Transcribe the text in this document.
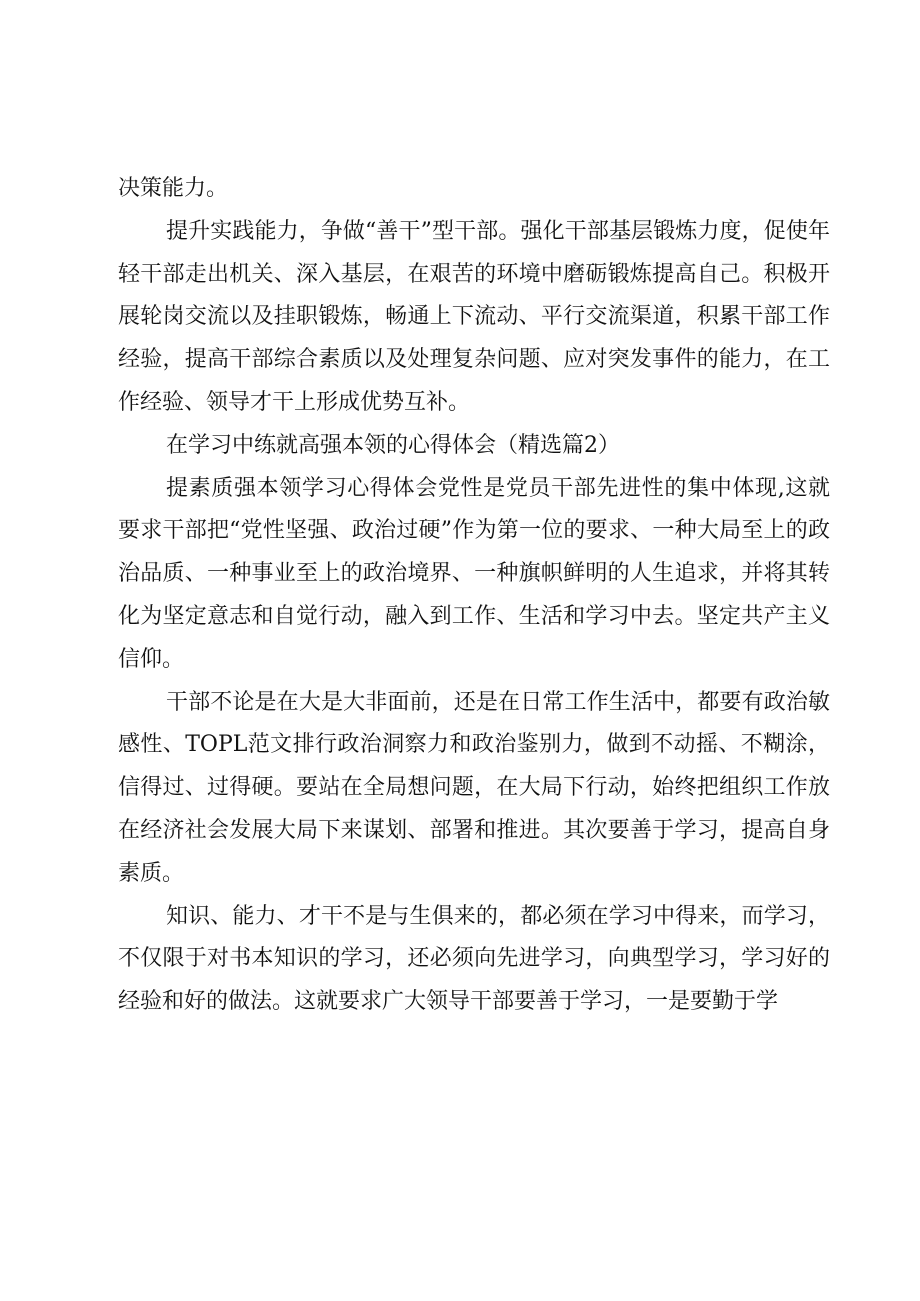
决策能力。

提升实践能力，争做“善干”型干部。强化干部基层锻炼力度，促使年轻干部走出机关、深入基层，在艰苦的环境中磨砺锻炼提高自己。积极开展轮岗交流以及挂职锻炼，畅通上下流动、平行交流渠道，积累干部工作经验，提高干部综合素质以及处理复杂问题、应对突发事件的能力，在工作经验、领导才干上形成优势互补。

在学习中练就高强本领的心得体会（精选篇2）

提素质强本领学习心得体会党性是党员干部先进性的集中体现,这就要求干部把“党性坚强、政治过硬”作为第一位的要求、一种大局至上的政治品质、一种事业至上的政治境界、一种旗帜鲜明的人生追求，并将其转化为坚定意志和自觉行动，融入到工作、生活和学习中去。坚定共产主义信仰。

干部不论是在大是大非面前，还是在日常工作生活中，都要有政治敏感性、TOPL范文排行政治洞察力和政治鉴别力，做到不动摇、不糊涂，信得过、过得硬。要站在全局想问题，在大局下行动，始终把组织工作放在经济社会发展大局下来谋划、部署和推进。其次要善于学习，提高自身素质。

知识、能力、才干不是与生俱来的，都必须在学习中得来，而学习，不仅限于对书本知识的学习，还必须向先进学习，向典型学习，学习好的经验和好的做法。这就要求广大领导干部要善于学习，一是要勤于学
